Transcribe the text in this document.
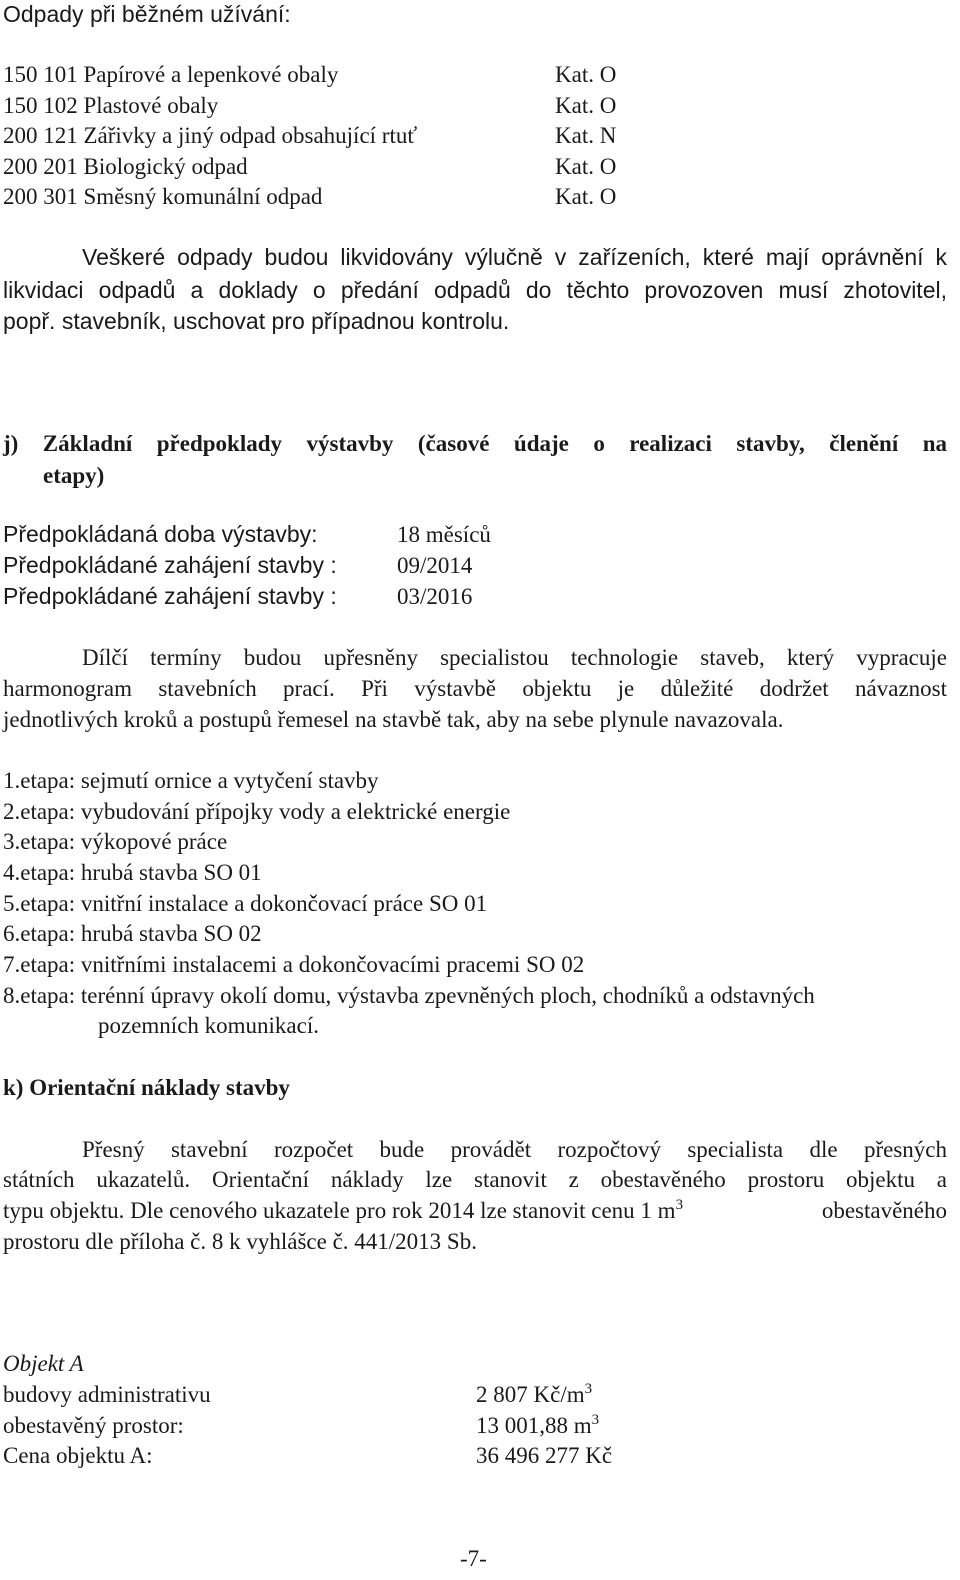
Odpady při běžném užívání:
150 101 Papírové a lepenkové obaly	Kat. O
150 102 Plastové obaly	Kat. O
200 121 Zářivky a jiný odpad obsahující rtuť	Kat. N
200 201 Biologický odpad	Kat. O
200 301 Směsný komunální odpad	Kat. O
Veškeré odpady budou likvidovány výlučně v zařízeních, které mají oprávnění k
likvidaci odpadů a doklady o předání odpadů do těchto provozoven musí zhotovitel,
popř. stavebník, uschovat pro případnou kontrolu.
j) Základní předpoklady výstavby (časové údaje o realizaci stavby, členění na
etapy)
Předpokládaná doba výstavby:	18 měsíců
Předpokládané zahájení stavby :	09/2014
Předpokládané zahájení stavby :	03/2016
Dílčí termíny budou upřesněny specialistou technologie staveb, který vypracuje
harmonogram stavebních prací. Při výstavbě objektu je důležité dodržet návaznost
jednotlivých kroků a postupů řemesel na stavbě tak, aby na sebe plynule navazovala.
1.etapa: sejmutí ornice a vytyčení stavby
2.etapa: vybudování přípojky vody a elektrické energie
3.etapa: výkopové práce
4.etapa: hrubá stavba SO 01
5.etapa: vnitřní instalace a dokončovací práce SO 01
6.etapa: hrubá stavba SO 02
7.etapa: vnitřními instalacemi a dokončovacími pracemi SO 02
8.etapa: terénní úpravy okolí domu, výstavba zpevněných ploch, chodníků a odstavných
pozemních komunikací.
k) Orientační náklady stavby
Přesný stavební rozpočet bude provádět rozpočtový specialista dle přesných
státních ukazatelů. Orientační náklady lze stanovit z obestavěného prostoru objektu a
typu objektu. Dle cenového ukazatele pro rok 2014 lze stanovit cenu 1 $m^3$	obestavěného
prostoru dle příloha č. 8 k vyhlášce č. 441/2013 Sb.
Objekt A
budovy administrativu	2 807 $Kč/m^3$
obestavěný prostor:	13 001,88 $m^3$
Cena objektu A:	36 496 277 Kč
-7-
